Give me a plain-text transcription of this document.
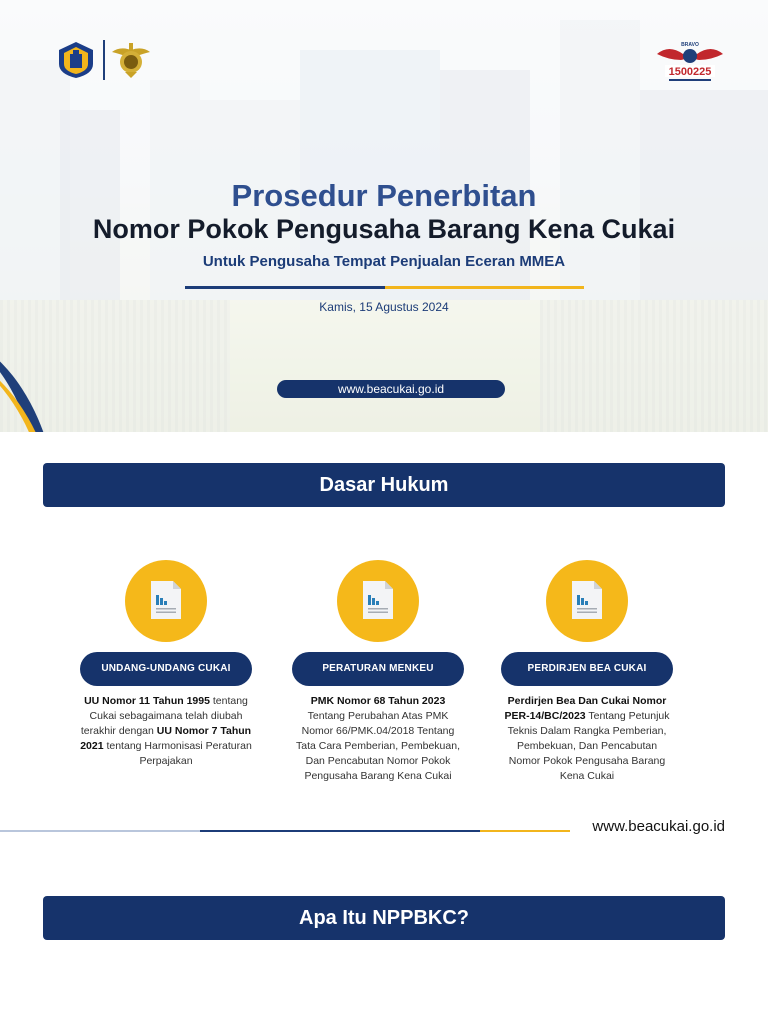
BRAVO
1500225
Prosedur Penerbitan
Nomor Pokok Pengusaha Barang Kena Cukai
Untuk Pengusaha Tempat Penjualan Eceran MMEA
Kamis, 15 Agustus 2024
www.beacukai.go.id
Dasar Hukum
UNDANG-UNDANG CUKAI
UU Nomor 11 Tahun 1995 tentang Cukai sebagaimana telah diubah terakhir dengan UU Nomor 7 Tahun 2021 tentang Harmonisasi Peraturan Perpajakan
PERATURAN MENKEU
PMK Nomor 68 Tahun 2023 Tentang Perubahan Atas PMK Nomor 66/PMK.04/2018 Tentang Tata Cara Pemberian, Pembekuan, Dan Pencabutan Nomor Pokok Pengusaha Barang Kena Cukai
PERDIRJEN BEA CUKAI
Perdirjen Bea Dan Cukai Nomor PER-14/BC/2023 Tentang Petunjuk Teknis Dalam Rangka Pemberian, Pembekuan, Dan Pencabutan Nomor Pokok Pengusaha Barang Kena Cukai
www.beacukai.go.id
Apa Itu NPPBKC?
